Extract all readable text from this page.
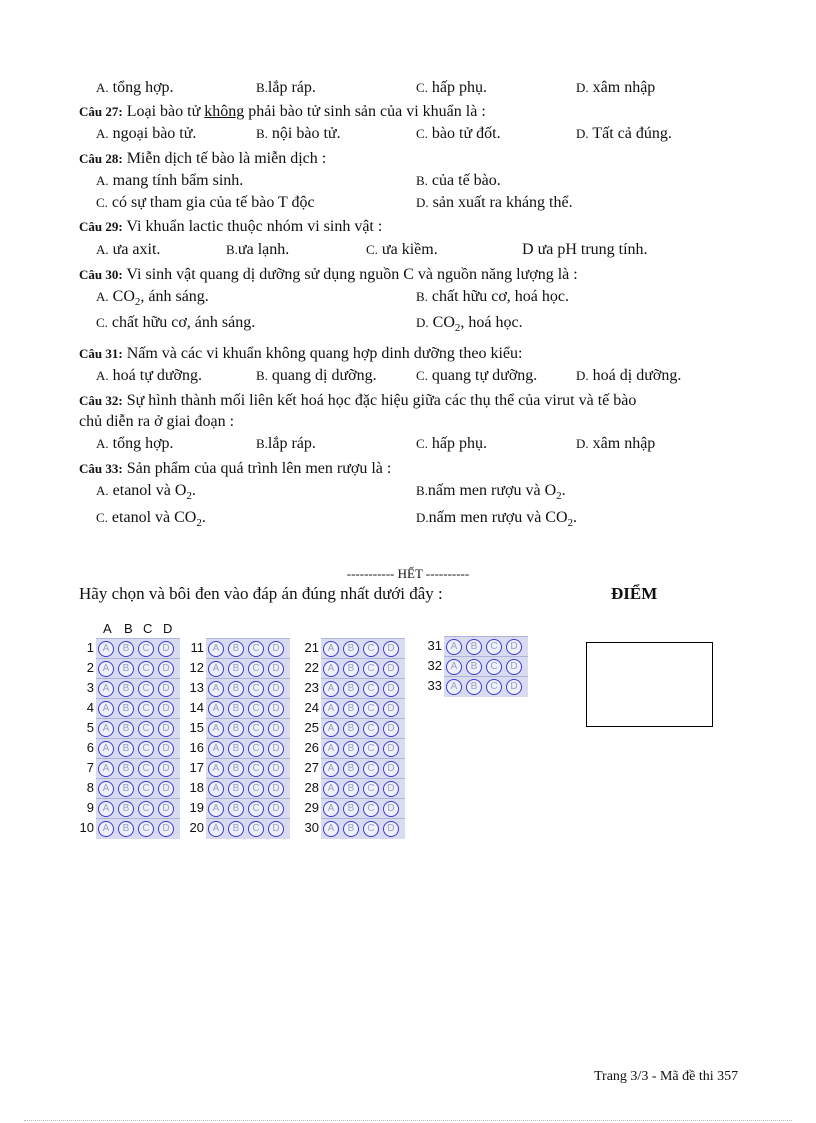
A. tổng hợp.	B.lắp ráp.	C. hấp phụ.	D. xâm nhập
Câu 27: Loại bào tử không phải bào tử sinh sản của vi khuẩn là :
A. ngoại bào tử.	B. nội bào tử.	C. bào tử đốt.	D. Tất cả đúng.
Câu 28: Miễn dịch tế bào là miễn dịch :
A. mang tính bẩm sinh.	B. của tế bào.
C. có sự tham gia của tế bào T độc	D. sản xuất ra kháng thể.
Câu 29: Vi khuẩn lactic thuộc nhóm vi sinh vật :
A. ưa axit.	B.ưa lạnh.	C. ưa kiềm.	D ưa pH trung tính.
Câu 30: Vi sinh vật quang dị dưỡng sử dụng nguồn C và nguồn năng lượng là :
A. $CO_2$, ánh sáng.	B. chất hữu cơ, hoá học.
C. chất hữu cơ, ánh sáng.	D. $CO_2$, hoá học.
Câu 31: Nấm và các vi khuẩn không quang hợp dinh dưỡng theo kiểu:
A. hoá tự dưỡng.	B. quang dị dưỡng.	C. quang tự dưỡng.	D. hoá dị dưỡng.
Câu 32: Sự hình thành mối liên kết hoá học đặc hiệu giữa các thụ thể của virut và tế bào
chủ diễn ra ở giai đoạn :
A. tổng hợp.	B.lắp ráp.	C. hấp phụ.	D. xâm nhập
Câu 33: Sản phẩm của quá trình lên men rượu là :
A. etanol và $O_2$.	B.nấm men rượu và $O_2$.
C. etanol và $CO_2$.	D.nấm men rượu và $CO_2$.
----------- HẾT ----------
Hãy chọn và bôi đen vào đáp án đúng nhất dưới đây :	ĐIỂM
A B C D
1 A	B	C	D
2 A	B	C	D
3 A	B	C	D
4 A	B	C	D
5 A	B	C	D
6 A	B	C	D
7 A	B	C	D
8 A	B	C	D
9 A	B	C	D
10 A	B	C	D
11 A	B	C	D
12 A	B	C	D
13 A	B	C	D
14 A	B	C	D
15 A	B	C	D
16 A	B	C	D
17 A	B	C	D
18 A	B	C	D
19 A	B	C	D
20 A	B	C	D
21 A	B	C	D
22 A	B	C	D
23 A	B	C	D
24 A	B	C	D
25 A	B	C	D
26 A	B	C	D
27 A	B	C	D
28 A	B	C	D
29 A	B	C	D
30 A	B	C	D
31 A	B	C	D
32 A	B	C	D
33 A	B	C	D
Trang 3/3 - Mã đề thi 357
